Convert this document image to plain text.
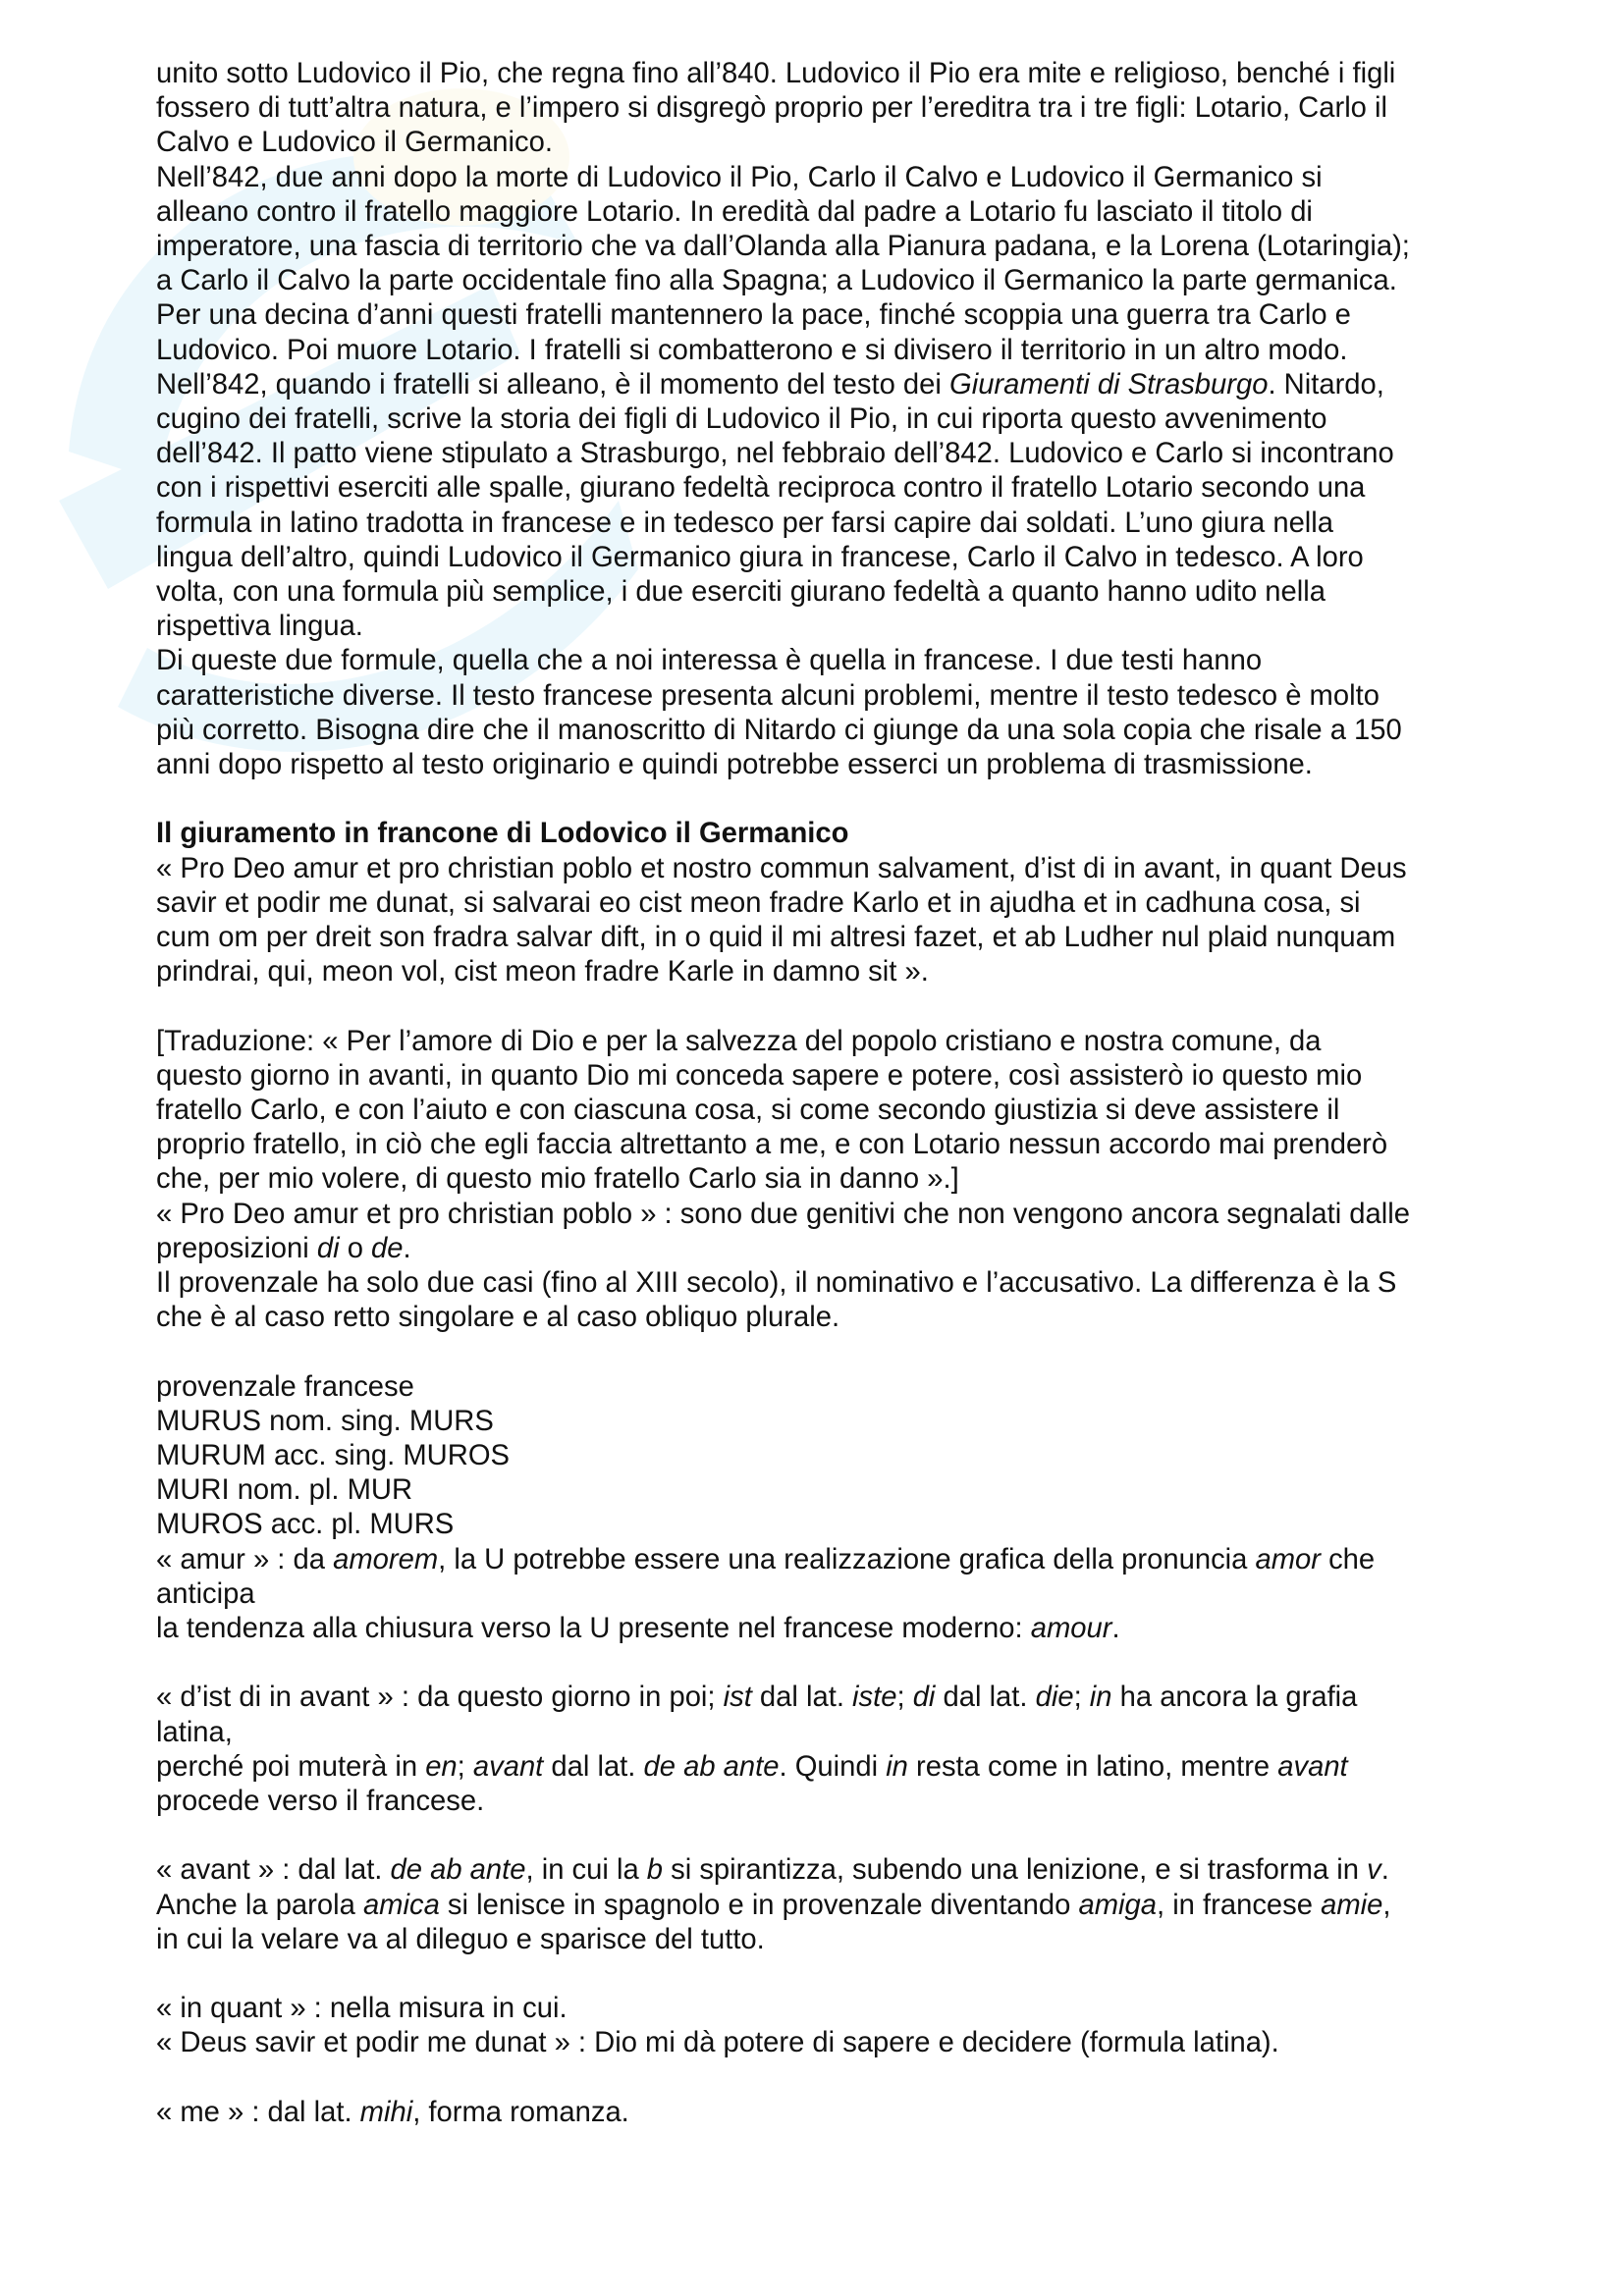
unito sotto Ludovico il Pio, che regna fino all’840. Ludovico il Pio era mite e religioso, benché i figli
fossero di tutt’altra natura, e l’impero si disgregò proprio per l’ereditra tra i tre figli: Lotario, Carlo il
Calvo e Ludovico il Germanico.
Nell’842, due anni dopo la morte di Ludovico il Pio, Carlo il Calvo e Ludovico il Germanico si
alleano contro il fratello maggiore Lotario. In eredità dal padre a Lotario fu lasciato il titolo di
imperatore, una fascia di territorio che va dall’Olanda alla Pianura padana, e la Lorena (Lotaringia);
a Carlo il Calvo la parte occidentale fino alla Spagna; a Ludovico il Germanico la parte germanica.
Per una decina d’anni questi fratelli mantennero la pace, finché scoppia una guerra tra Carlo e
Ludovico. Poi muore Lotario. I fratelli si combatterono e si divisero il territorio in un altro modo.
Nell’842, quando i fratelli si alleano, è il momento del testo dei Giuramenti di Strasburgo. Nitardo,
cugino dei fratelli, scrive la storia dei figli di Ludovico il Pio, in cui riporta questo avvenimento
dell’842. Il patto viene stipulato a Strasburgo, nel febbraio dell’842. Ludovico e Carlo si incontrano
con i rispettivi eserciti alle spalle, giurano fedeltà reciproca contro il fratello Lotario secondo una
formula in latino tradotta in francese e in tedesco per farsi capire dai soldati. L’uno giura nella
lingua dell’altro, quindi Ludovico il Germanico giura in francese, Carlo il Calvo in tedesco. A loro
volta, con una formula più semplice, i due eserciti giurano fedeltà a quanto hanno udito nella
rispettiva lingua.
Di queste due formule, quella che a noi interessa è quella in francese. I due testi hanno
caratteristiche diverse. Il testo francese presenta alcuni problemi, mentre il testo tedesco è molto
più corretto. Bisogna dire che il manoscritto di Nitardo ci giunge da una sola copia che risale a 150
anni dopo rispetto al testo originario e quindi potrebbe esserci un problema di trasmissione.

Il giuramento in francone di Lodovico il Germanico

« Pro Deo amur et pro christian poblo et nostro commun salvament, d’ist di in avant, in quant Deus
savir et podir me dunat, si salvarai eo cist meon fradre Karlo et in ajudha et in cadhuna cosa, si
cum om per dreit son fradra salvar dift, in o quid il mi altresi fazet, et ab Ludher nul plaid nunquam
prindrai, qui, meon vol, cist meon fradre Karle in damno sit ».

[Traduzione: « Per l’amore di Dio e per la salvezza del popolo cristiano e nostra comune, da
questo giorno in avanti, in quanto Dio mi conceda sapere e potere, così assisterò io questo mio
fratello Carlo, e con l’aiuto e con ciascuna cosa, si come secondo giustizia si deve assistere il
proprio fratello, in ciò che egli faccia altrettanto a me, e con Lotario nessun accordo mai prenderò
che, per mio volere, di questo mio fratello Carlo sia in danno ».]
« Pro Deo amur et pro christian poblo » : sono due genitivi che non vengono ancora segnalati dalle
preposizioni di o de.
Il provenzale ha solo due casi (fino al XIII secolo), il nominativo e l’accusativo. La differenza è la S
che è al caso retto singolare e al caso obliquo plurale.

provenzale francese
MURUS nom. sing. MURS
MURUM acc. sing. MUROS
MURI nom. pl. MUR
MUROS acc. pl. MURS
« amur » : da amorem, la U potrebbe essere una realizzazione grafica della pronuncia amor che
anticipa
la tendenza alla chiusura verso la U presente nel francese moderno: amour.

« d’ist di in avant » : da questo giorno in poi; ist dal lat. iste; di dal lat. die; in ha ancora la grafia
latina,
perché poi muterà in en; avant dal lat. de ab ante. Quindi in resta come in latino, mentre avant
procede verso il francese.

« avant » : dal lat. de ab ante, in cui la b si spirantizza, subendo una lenizione, e si trasforma in v.
Anche la parola amica si lenisce in spagnolo e in provenzale diventando amiga, in francese amie,
in cui la velare va al dileguo e sparisce del tutto.

« in quant » : nella misura in cui.
« Deus savir et podir me dunat » : Dio mi dà potere di sapere e decidere (formula latina).

« me » : dal lat. mihi, forma romanza.
